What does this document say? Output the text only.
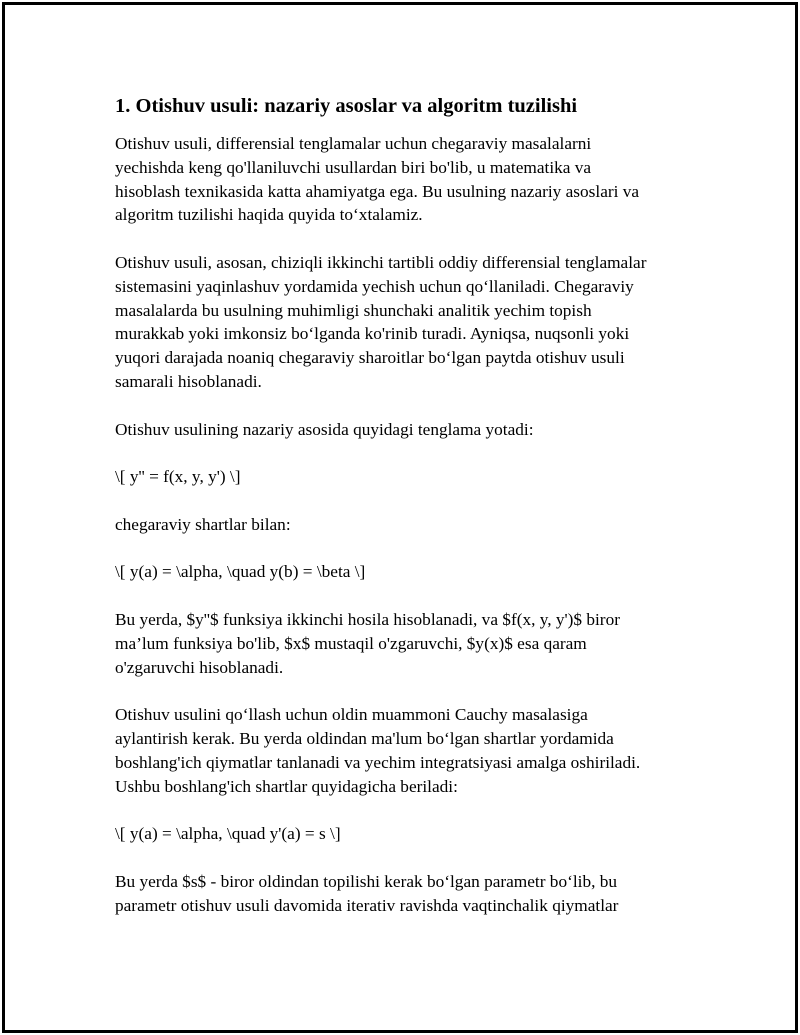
1. Otishuv usuli: nazariy asoslar va algoritm tuzilishi

Otishuv usuli, differensial tenglamalar uchun chegaraviy masalalarni
yechishda keng qo'llaniluvchi usullardan biri bo'lib, u matematika va
hisoblash texnikasida katta ahamiyatga ega. Bu usulning nazariy asoslari va
algoritm tuzilishi haqida quyida to‘xtalamiz.

Otishuv usuli, asosan, chiziqli ikkinchi tartibli oddiy differensial tenglamalar
sistemasini yaqinlashuv yordamida yechish uchun qo‘llaniladi. Chegaraviy
masalalarda bu usulning muhimligi shunchaki analitik yechim topish
murakkab yoki imkonsiz bo‘lganda ko'rinib turadi. Ayniqsa, nuqsonli yoki
yuqori darajada noaniq chegaraviy sharoitlar bo‘lgan paytda otishuv usuli
samarali hisoblanadi.

Otishuv usulining nazariy asosida quyidagi tenglama yotadi:

\[ y'' = f(x, y, y') \]

chegaraviy shartlar bilan:

\[ y(a) = \alpha, \quad y(b) = \beta \]

Bu yerda, $y''$ funksiya ikkinchi hosila hisoblanadi, va $f(x, y, y')$ biror
ma’lum funksiya bo'lib, $x$ mustaqil o'zgaruvchi, $y(x)$ esa qaram
o'zgaruvchi hisoblanadi.

Otishuv usulini qo‘llash uchun oldin muammoni Cauchy masalasiga
aylantirish kerak. Bu yerda oldindan ma'lum bo‘lgan shartlar yordamida
boshlang'ich qiymatlar tanlanadi va yechim integratsiyasi amalga oshiriladi.
Ushbu boshlang'ich shartlar quyidagicha beriladi:

\[ y(a) = \alpha, \quad y'(a) = s \]

Bu yerda $s$ - biror oldindan topilishi kerak bo‘lgan parametr bo‘lib, bu
parametr otishuv usuli davomida iterativ ravishda vaqtinchalik qiymatlar
